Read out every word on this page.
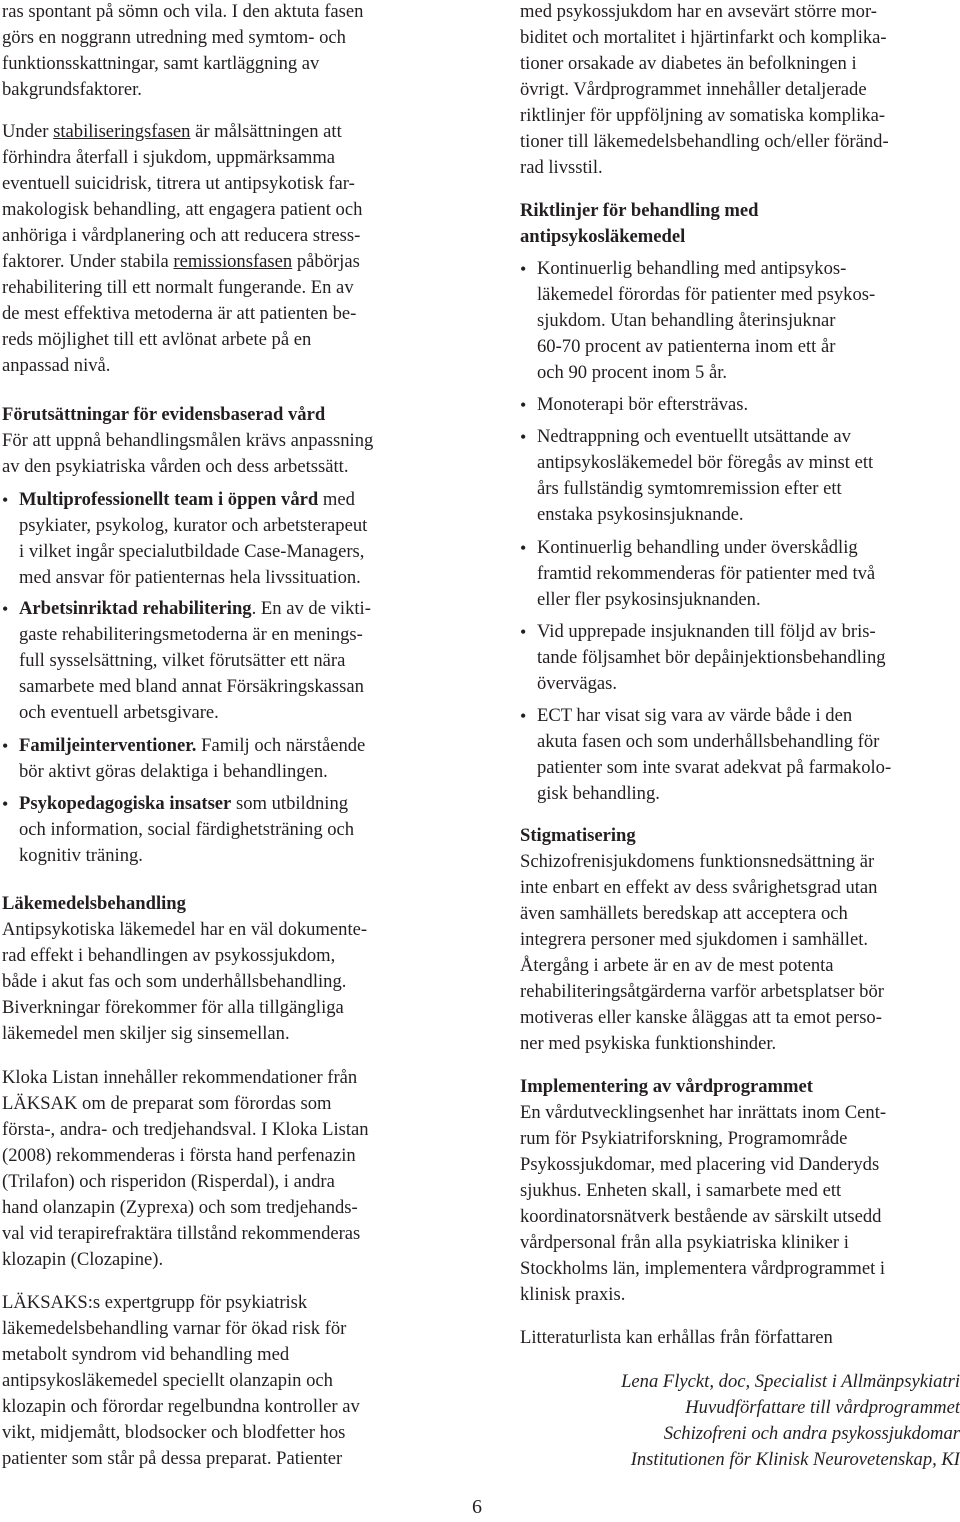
ras spontant på sömn och vila. I den aktuta fasen
görs en noggrann utredning med symtom- och
funktionsskattningar, samt kartläggning av
bakgrundsfaktorer.
Under stabiliseringsfasen är målsättningen att
förhindra återfall i sjukdom, uppmärksamma
eventuell suicidrisk, titrera ut antipsykotisk far-
makologisk behandling, att engagera patient och
anhöriga i vårdplanering och att reducera stress-
faktorer. Under stabila remissionsfasen påbörjas
rehabilitering till ett normalt fungerande. En av
de mest effektiva metoderna är att patienten be-
reds möjlighet till ett avlönat arbete på en
anpassad nivå.
Förutsättningar för evidensbaserad vård
För att uppnå behandlingsmålen krävs anpassning
av den psykiatriska vården och dess arbetssätt.
• Multiprofessionellt team i öppen vård med
psykiater, psykolog, kurator och arbetsterapeut
i vilket ingår specialutbildade Case-Managers,
med ansvar för patienternas hela livssituation.
• Arbetsinriktad rehabilitering. En av de vikti-
gaste rehabiliteringsmetoderna är en menings-
full sysselsättning, vilket förutsätter ett nära
samarbete med bland annat Försäkringskassan
och eventuell arbetsgivare.
• Familjeinterventioner. Familj och närstående
bör aktivt göras delaktiga i behandlingen.
• Psykopedagogiska insatser som utbildning
och information, social färdighetsträning och
kognitiv träning.
Läkemedelsbehandling
Antipsykotiska läkemedel har en väl dokumente-
rad effekt i behandlingen av psykossjukdom,
både i akut fas och som underhållsbehandling.
Biverkningar förekommer för alla tillgängliga
läkemedel men skiljer sig sinsemellan.
Kloka Listan innehåller rekommendationer från
LÄKSAK om de preparat som förordas som
första-, andra- och tredjehandsval. I Kloka Listan
(2008) rekommenderas i första hand perfenazin
(Trilafon) och risperidon (Risperdal), i andra
hand olanzapin (Zyprexa) och som tredjehands-
val vid terapirefraktära tillstånd rekommenderas
klozapin (Clozapine).
LÄKSAKS:s expertgrupp för psykiatrisk
läkemedelsbehandling varnar för ökad risk för
metabolt syndrom vid behandling med
antipsykosläkemedel speciellt olanzapin och
klozapin och förordar regelbundna kontroller av
vikt, midjemått, blodsocker och blodfetter hos
patienter som står på dessa preparat. Patienter
med psykossjukdom har en avsevärt större mor-
biditet och mortalitet i hjärtinfarkt och komplika-
tioner orsakade av diabetes än befolkningen i
övrigt. Vårdprogrammet innehåller detaljerade
riktlinjer för uppföljning av somatiska komplika-
tioner till läkemedelsbehandling och/eller föränd-
rad livsstil.
Riktlinjer för behandling med
antipsykosläkemedel
• Kontinuerlig behandling med antipsykos-
läkemedel förordas för patienter med psykos-
sjukdom. Utan behandling återinsjuknar
60-70 procent av patienterna inom ett år
och 90 procent inom 5 år.
• Monoterapi bör eftersträvas.
• Nedtrappning och eventuellt utsättande av
antipsykosläkemedel bör föregås av minst ett
års fullständig symtomremission efter ett
enstaka psykosinsjuknande.
• Kontinuerlig behandling under överskådlig
framtid rekommenderas för patienter med två
eller fler psykosinsjuknanden.
• Vid upprepade insjuknanden till följd av bris-
tande följsamhet bör depåinjektionsbehandling
övervägas.
• ECT har visat sig vara av värde både i den
akuta fasen och som underhållsbehandling för
patienter som inte svarat adekvat på farmakolo-
gisk behandling.
Stigmatisering
Schizofrenisjukdomens funktionsnedsättning är
inte enbart en effekt av dess svårighetsgrad utan
även samhällets beredskap att acceptera och
integrera personer med sjukdomen i samhället.
Återgång i arbete är en av de mest potenta
rehabiliteringsåtgärderna varför arbetsplatser bör
motiveras eller kanske åläggas att ta emot perso-
ner med psykiska funktionshinder.
Implementering av vårdprogrammet
En vårdutvecklingsenhet har inrättats inom Cent-
rum för Psykiatriforskning, Programområde
Psykossjukdomar, med placering vid Danderyds
sjukhus. Enheten skall, i samarbete med ett
koordinatorsnätverk bestående av särskilt utsedd
vårdpersonal från alla psykiatriska kliniker i
Stockholms län, implementera vårdprogrammet i
klinisk praxis.
Litteraturlista kan erhållas från författaren
Lena Flyckt, doc, Specialist i Allmänpsykiatri
Huvudförfattare till vårdprogrammet
Schizofreni och andra psykossjukdomar
Institutionen för Klinisk Neurovetenskap, KI
6
